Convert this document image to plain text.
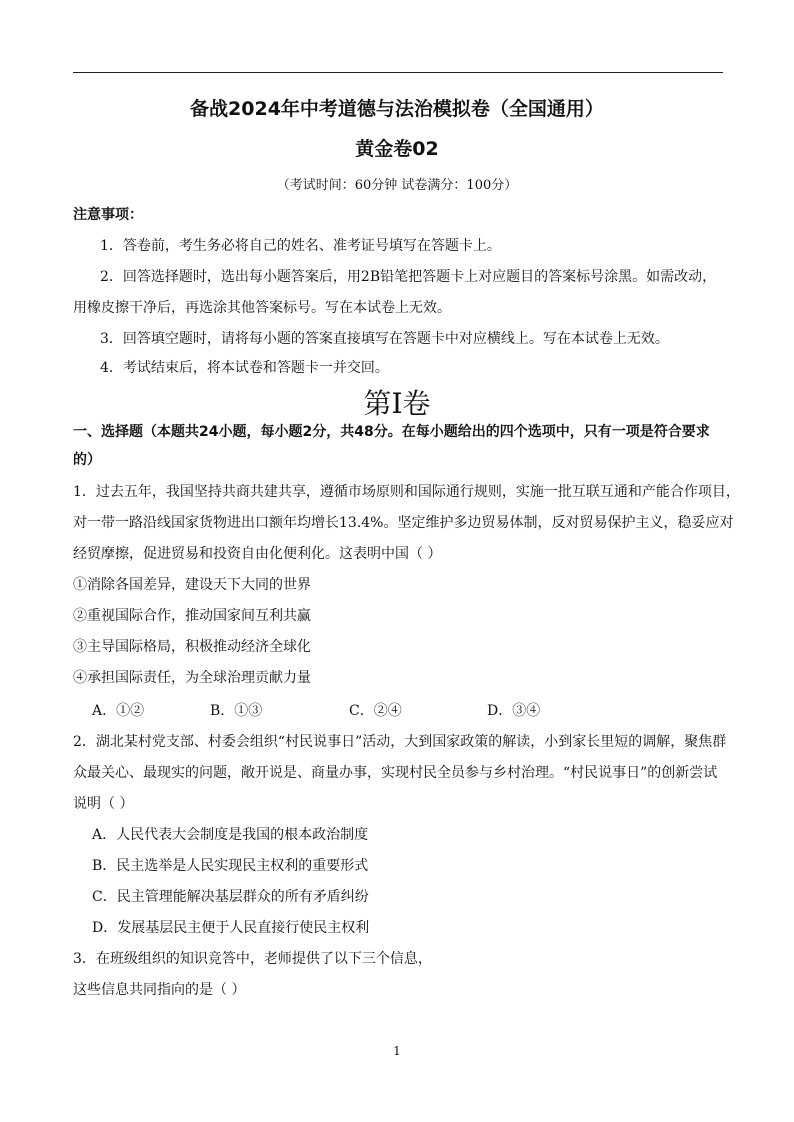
备战2024年中考道德与法治模拟卷（全国通用）
黄金卷02
（考试时间：60分钟 试卷满分：100分）
注意事项：
1．答卷前，考生务必将自己的姓名、准考证号填写在答题卡上。
2．回答选择题时，选出每小题答案后，用2B铅笔把答题卡上对应题目的答案标号涂黑。如需改动，
用橡皮擦干净后，再选涂其他答案标号。写在本试卷上无效。
3．回答填空题时，请将每小题的答案直接填写在答题卡中对应横线上。写在本试卷上无效。
4．考试结束后，将本试卷和答题卡一并交回。
第Ⅰ卷
一、选择题（本题共24小题，每小题2分，共48分。在每小题给出的四个选项中，只有一项是符合要求
的）
1．过去五年，我国坚持共商共建共享，遵循市场原则和国际通行规则，实施一批互联互通和产能合作项目，
对一带一路沿线国家货物进出口额年均增长13.4%。坚定维护多边贸易体制，反对贸易保护主义，稳妥应对
经贸摩擦，促进贸易和投资自由化便利化。这表明中国（ ）
①消除各国差异，建设天下大同的世界
②重视国际合作，推动国家间互利共赢
③主导国际格局，积极推动经济全球化
④承担国际责任，为全球治理贡献力量
A．①②	B．①③	C．②④	D．③④
2．湖北某村党支部、村委会组织“村民说事日”活动，大到国家政策的解读，小到家长里短的调解，聚焦群
众最关心、最现实的问题，敞开说是、商量办事，实现村民全员参与乡村治理。“村民说事日”的创新尝试
说明（ ）
A．人民代表大会制度是我国的根本政治制度
B．民主选举是人民实现民主权利的重要形式
C．民主管理能解决基层群众的所有矛盾纠纷
D．发展基层民主便于人民直接行使民主权利
3．在班级组织的知识竞答中，老师提供了以下三个信息，
这些信息共同指向的是（ ）
1
